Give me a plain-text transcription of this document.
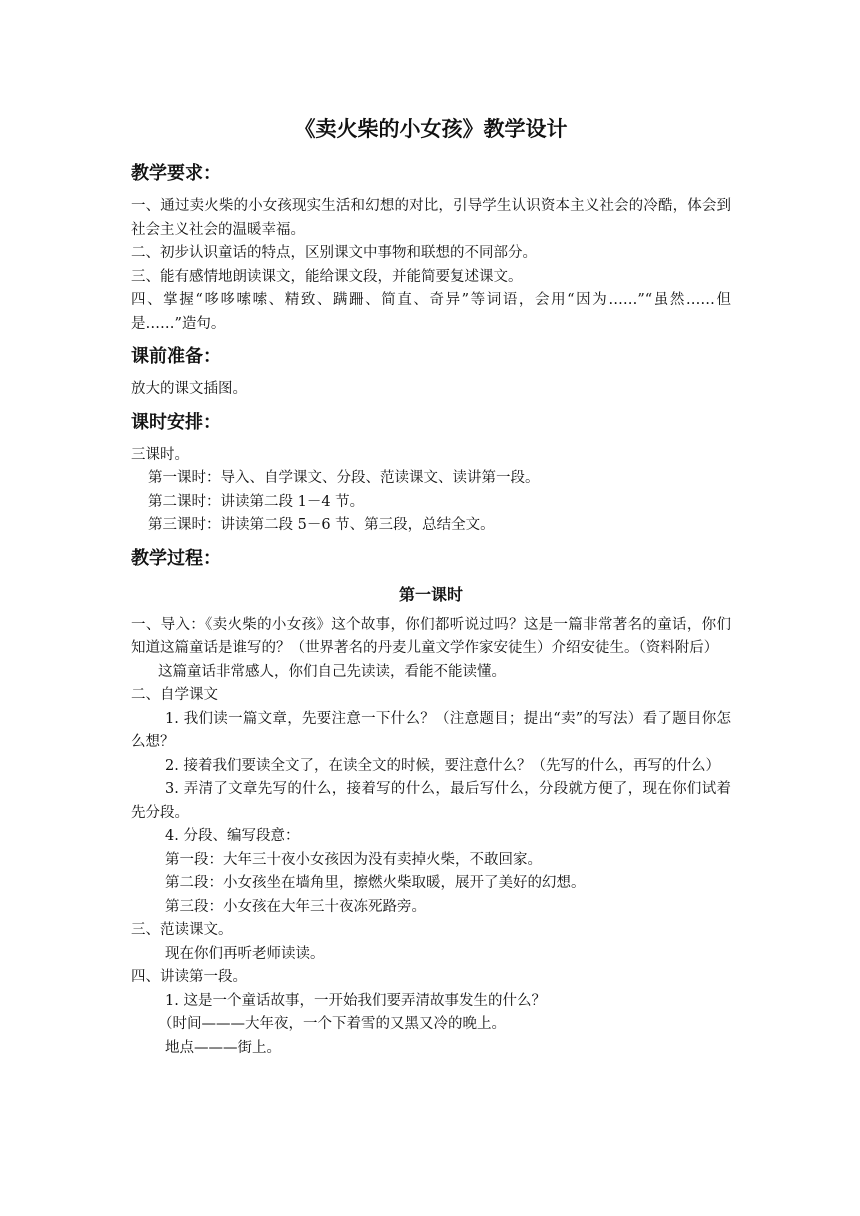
《卖火柴的小女孩》教学设计
教学要求：
一、通过卖火柴的小女孩现实生活和幻想的对比，引导学生认识资本主义社会的冷酷，体会到社会主义社会的温暖幸福。
二、初步认识童话的特点，区别课文中事物和联想的不同部分。
三、能有感情地朗读课文，能给课文段，并能简要复述课文。
四、掌握“哆哆嗦嗦、精致、蹒跚、简直、奇异”等词语，会用“因为……”“虽然……但是……”造句。
课前准备：
放大的课文插图。
课时安排：
三课时。
第一课时：导入、自学课文、分段、范读课文、读讲第一段。
第二课时：讲读第二段 1－4 节。
第三课时：讲读第二段 5－6 节、第三段，总结全文。
教学过程：
第一课时
一、导入：《卖火柴的小女孩》这个故事，你们都听说过吗？这是一篇非常著名的童话，你们知道这篇童话是谁写的？（世界著名的丹麦儿童文学作家安徒生）介绍安徒生。（资料附后）
这篇童话非常感人，你们自己先读读，看能不能读懂。
二、自学课文
1. 我们读一篇文章，先要注意一下什么？（注意题目；提出“卖”的写法）看了题目你怎么想？
2. 接着我们要读全文了，在读全文的时候，要注意什么？（先写的什么，再写的什么）
3. 弄清了文章先写的什么，接着写的什么，最后写什么，分段就方便了，现在你们试着先分段。
4. 分段、编写段意：
第一段：大年三十夜小女孩因为没有卖掉火柴，不敢回家。
第二段：小女孩坐在墙角里，擦燃火柴取暖，展开了美好的幻想。
第三段：小女孩在大年三十夜冻死路旁。
三、范读课文。
现在你们再听老师读读。
四、讲读第一段。
1. 这是一个童话故事，一开始我们要弄清故事发生的什么？
（时间———大年夜，一个下着雪的又黑又冷的晚上。
地点———街上。
